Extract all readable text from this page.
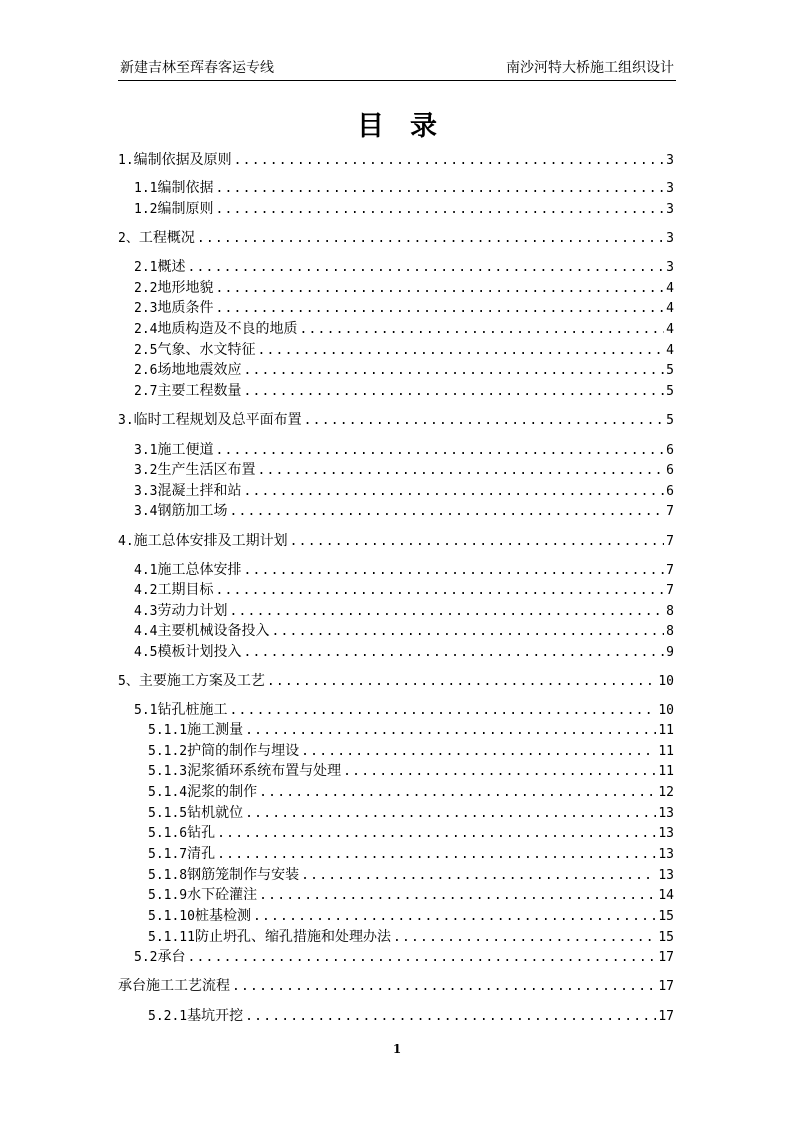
新建吉林至珲春客运专线	南沙河特大桥施工组织设计
目录
1. 编制依据及原则 .....	3
1.1 编制依据 .....	3
1.2 编制原则 .....	3
2、 工程概况 .....	3
2.1 概述 .....	3
2.2 地形地貌 .....	4
2.3 地质条件 .....	4
2.4 地质构造及不良的地质 .....	4
2.5 气象、水文特征 .....	4
2.6 场地地震效应 .....	5
2.7 主要工程数量 .....	5
3. 临时工程规划及总平面布置 .....	5
3.1 施工便道 .....	6
3.2 生产生活区布置 .....	6
3.3 混凝土拌和站 .....	6
3.4 钢筋加工场 .....	7
4. 施工总体安排及工期计划 .....	7
4.1 施工总体安排 .....	7
4.2 工期目标 .....	7
4.3 劳动力计划 .....	8
4.4 主要机械设备投入 .....	8
4.5 模板计划投入 .....	9
5、 主要施工方案及工艺 .....	10
5.1 钻孔桩施工 .....	10
5.1.1 施工测量 .....	11
5.1.2 护筒的制作与埋设 .....	11
5.1.3 泥浆循环系统布置与处理 .....	11
5.1.4 泥浆的制作 .....	12
5.1.5 钻机就位 .....	13
5.1.6 钻孔 .....	13
5.1.7 清孔 .....	13
5.1.8 钢筋笼制作与安装 .....	13
5.1.9 水下砼灌注 .....	14
5.1.10 桩基检测 .....	15
5.1.11 防止坍孔、缩孔措施和处理办法 .....	15
5.2 承台 .....	17
承台施工工艺流程 .....	17
5.2.1 基坑开挖 .....	17
1
